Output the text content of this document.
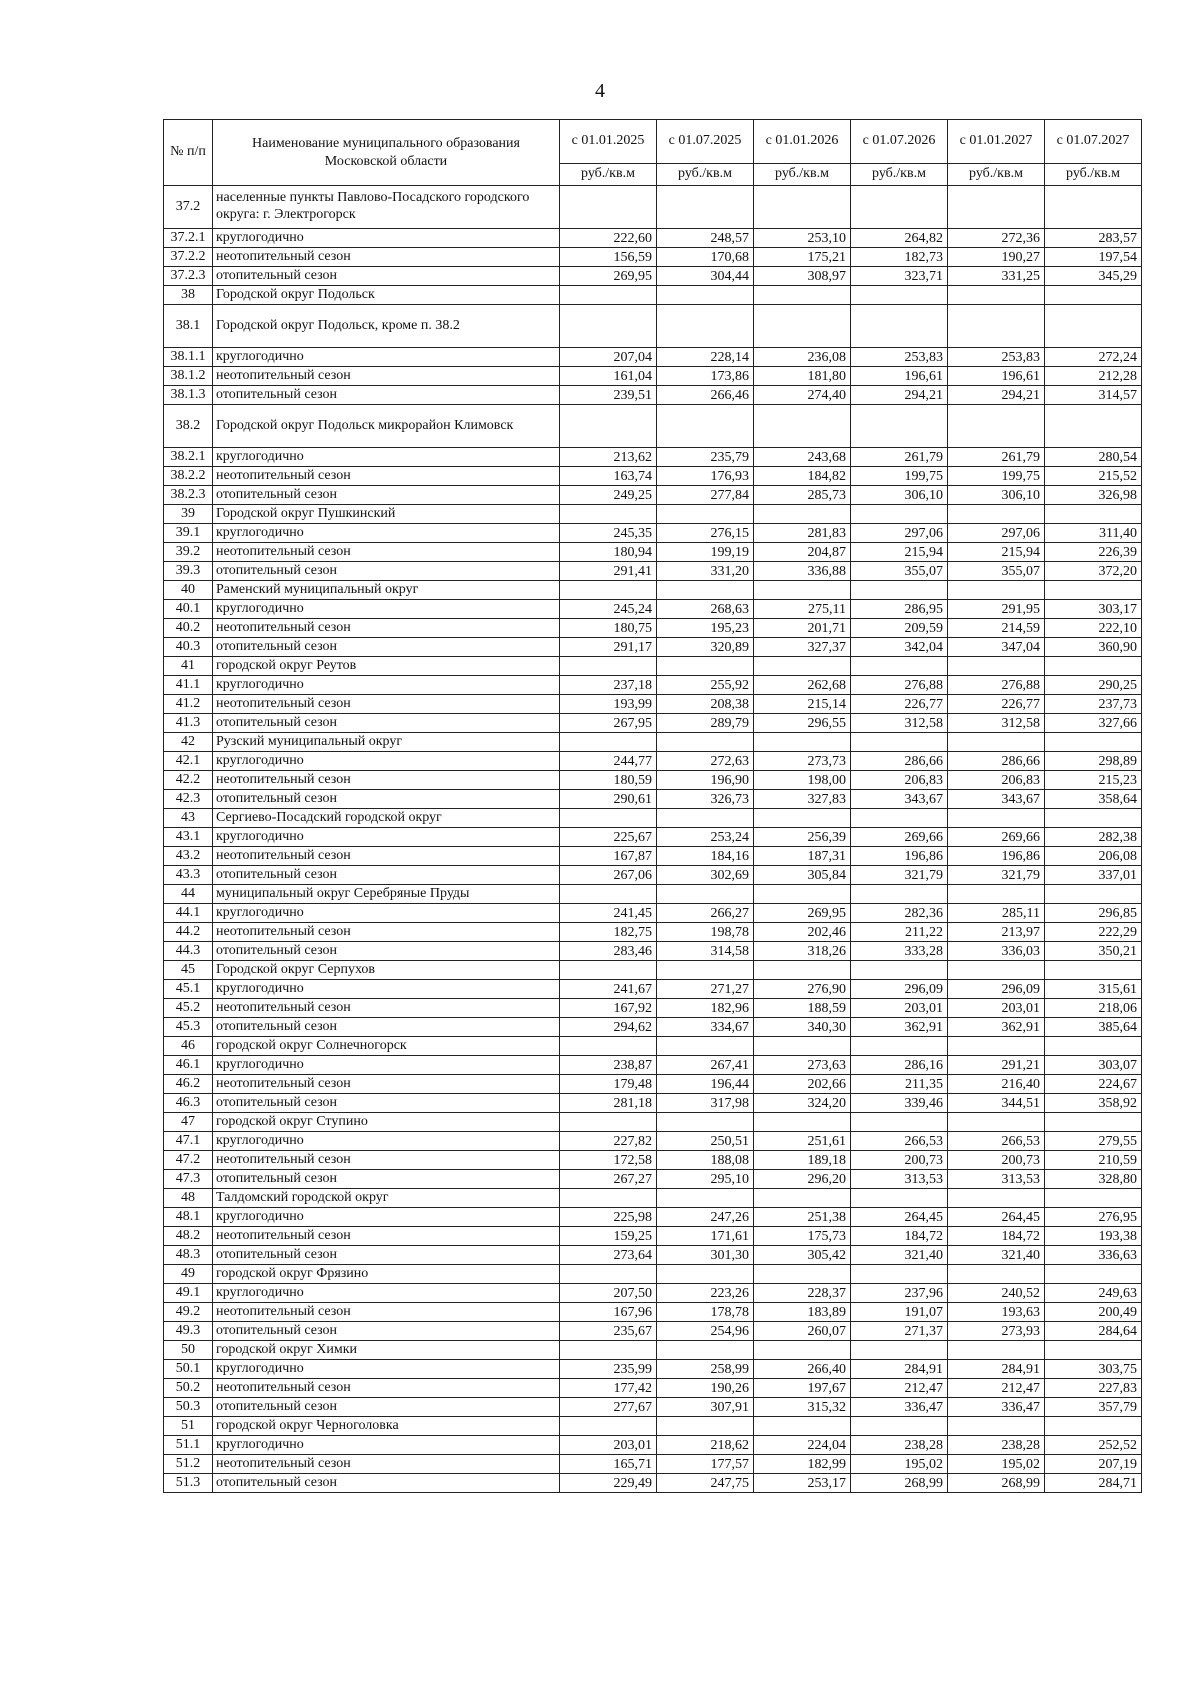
4
№ п/п	Наименование муниципального образования Московской области	с 01.01.2025	с 01.07.2025	с 01.01.2026	с 01.07.2026	с 01.01.2027	с 01.07.2027
		руб./кв.м	руб./кв.м	руб./кв.м	руб./кв.м	руб./кв.м	руб./кв.м
37.2	населенные пункты Павлово-Посадского городского округа: г. Электрогорск						
37.2.1	круглогодично	222,60	248,57	253,10	264,82	272,36	283,57
37.2.2	неотопительный сезон	156,59	170,68	175,21	182,73	190,27	197,54
37.2.3	отопительный сезон	269,95	304,44	308,97	323,71	331,25	345,29
38	Городской округ Подольск						
38.1	Городской округ Подольск, кроме п. 38.2						
38.1.1	круглогодично	207,04	228,14	236,08	253,83	253,83	272,24
38.1.2	неотопительный сезон	161,04	173,86	181,80	196,61	196,61	212,28
38.1.3	отопительный сезон	239,51	266,46	274,40	294,21	294,21	314,57
38.2	Городской округ Подольск микрорайон Климовск						
38.2.1	круглогодично	213,62	235,79	243,68	261,79	261,79	280,54
38.2.2	неотопительный сезон	163,74	176,93	184,82	199,75	199,75	215,52
38.2.3	отопительный сезон	249,25	277,84	285,73	306,10	306,10	326,98
39	Городской округ Пушкинский						
39.1	круглогодично	245,35	276,15	281,83	297,06	297,06	311,40
39.2	неотопительный сезон	180,94	199,19	204,87	215,94	215,94	226,39
39.3	отопительный сезон	291,41	331,20	336,88	355,07	355,07	372,20
40	Раменский муниципальный округ						
40.1	круглогодично	245,24	268,63	275,11	286,95	291,95	303,17
40.2	неотопительный сезон	180,75	195,23	201,71	209,59	214,59	222,10
40.3	отопительный сезон	291,17	320,89	327,37	342,04	347,04	360,90
41	городской округ Реутов						
41.1	круглогодично	237,18	255,92	262,68	276,88	276,88	290,25
41.2	неотопительный сезон	193,99	208,38	215,14	226,77	226,77	237,73
41.3	отопительный сезон	267,95	289,79	296,55	312,58	312,58	327,66
42	Рузский муниципальный округ						
42.1	круглогодично	244,77	272,63	273,73	286,66	286,66	298,89
42.2	неотопительный сезон	180,59	196,90	198,00	206,83	206,83	215,23
42.3	отопительный сезон	290,61	326,73	327,83	343,67	343,67	358,64
43	Сергиево-Посадский городской округ						
43.1	круглогодично	225,67	253,24	256,39	269,66	269,66	282,38
43.2	неотопительный сезон	167,87	184,16	187,31	196,86	196,86	206,08
43.3	отопительный сезон	267,06	302,69	305,84	321,79	321,79	337,01
44	муниципальный округ Серебряные Пруды						
44.1	круглогодично	241,45	266,27	269,95	282,36	285,11	296,85
44.2	неотопительный сезон	182,75	198,78	202,46	211,22	213,97	222,29
44.3	отопительный сезон	283,46	314,58	318,26	333,28	336,03	350,21
45	Городской округ Серпухов						
45.1	круглогодично	241,67	271,27	276,90	296,09	296,09	315,61
45.2	неотопительный сезон	167,92	182,96	188,59	203,01	203,01	218,06
45.3	отопительный сезон	294,62	334,67	340,30	362,91	362,91	385,64
46	городской округ Солнечногорск						
46.1	круглогодично	238,87	267,41	273,63	286,16	291,21	303,07
46.2	неотопительный сезон	179,48	196,44	202,66	211,35	216,40	224,67
46.3	отопительный сезон	281,18	317,98	324,20	339,46	344,51	358,92
47	городской округ Ступино						
47.1	круглогодично	227,82	250,51	251,61	266,53	266,53	279,55
47.2	неотопительный сезон	172,58	188,08	189,18	200,73	200,73	210,59
47.3	отопительный сезон	267,27	295,10	296,20	313,53	313,53	328,80
48	Талдомский городской округ						
48.1	круглогодично	225,98	247,26	251,38	264,45	264,45	276,95
48.2	неотопительный сезон	159,25	171,61	175,73	184,72	184,72	193,38
48.3	отопительный сезон	273,64	301,30	305,42	321,40	321,40	336,63
49	городской округ Фрязино						
49.1	круглогодично	207,50	223,26	228,37	237,96	240,52	249,63
49.2	неотопительный сезон	167,96	178,78	183,89	191,07	193,63	200,49
49.3	отопительный сезон	235,67	254,96	260,07	271,37	273,93	284,64
50	городской округ Химки						
50.1	круглогодично	235,99	258,99	266,40	284,91	284,91	303,75
50.2	неотопительный сезон	177,42	190,26	197,67	212,47	212,47	227,83
50.3	отопительный сезон	277,67	307,91	315,32	336,47	336,47	357,79
51	городской округ Черноголовка						
51.1	круглогодично	203,01	218,62	224,04	238,28	238,28	252,52
51.2	неотопительный сезон	165,71	177,57	182,99	195,02	195,02	207,19
51.3	отопительный сезон	229,49	247,75	253,17	268,99	268,99	284,71
